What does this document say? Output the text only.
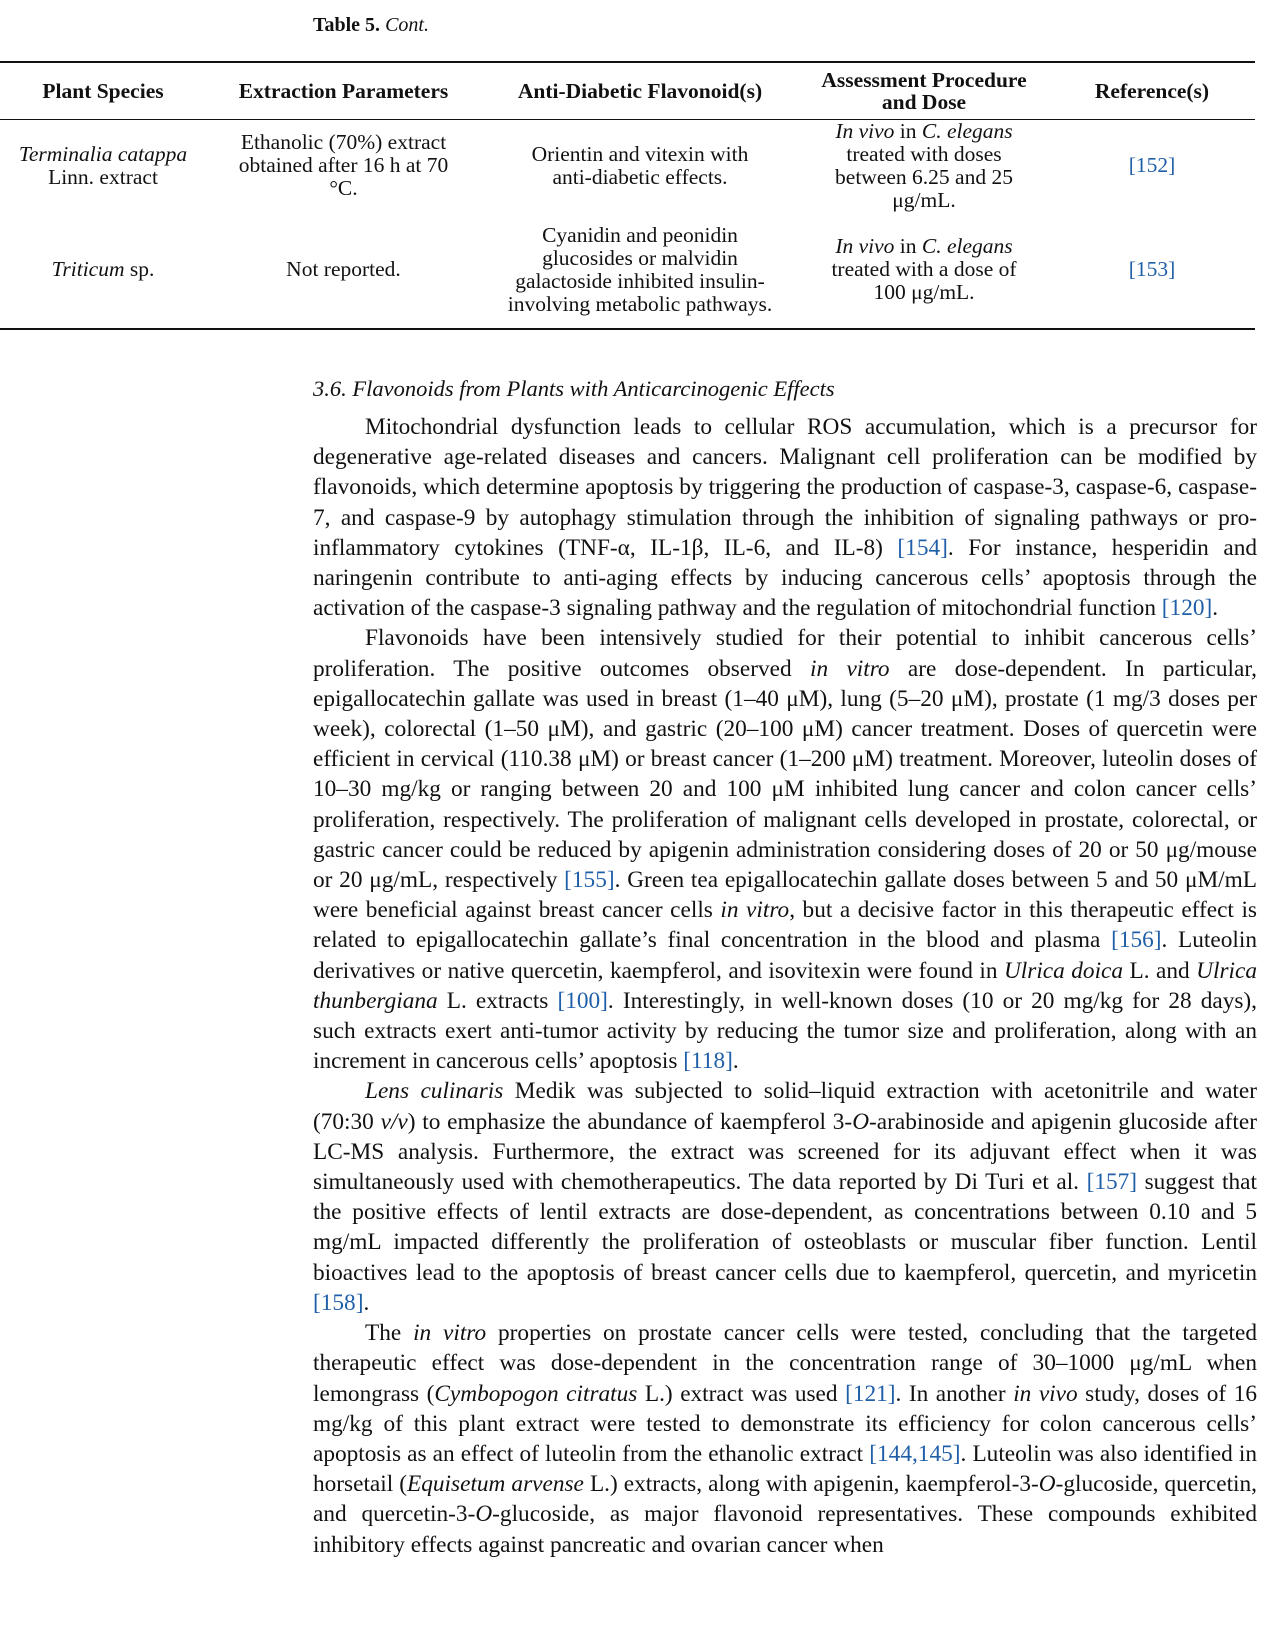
Table 5. Cont.
Plant Species	Extraction Parameters	Anti-Diabetic Flavonoid(s)	Assessment Procedure and Dose	Reference(s)
Terminalia catappa
Linn. extract	Ethanolic (70%) extract obtained after 16 h at 70 °C.	Orientin and vitexin with anti-diabetic effects.	In vivo in C. elegans treated with doses between 6.25 and 25 μg/mL.	[152]
Triticum sp.	Not reported.	Cyanidin and peonidin glucosides or malvidin galactoside inhibited insulin-involving metabolic pathways.	In vivo in C. elegans treated with a dose of 100 μg/mL.	[153]
3.6. Flavonoids from Plants with Anticarcinogenic Effects

Mitochondrial dysfunction leads to cellular ROS accumulation, which is a precursor for degenerative age-related diseases and cancers. Malignant cell proliferation can be modified by flavonoids, which determine apoptosis by triggering the production of caspase-3, caspase-6, caspase-7, and caspase-9 by autophagy stimulation through the inhibition of signaling pathways or pro-inflammatory cytokines (TNF-α, IL-1β, IL-6, and IL-8) [154]. For instance, hesperidin and naringenin contribute to anti-aging effects by inducing cancerous cells’ apoptosis through the activation of the caspase-3 signaling pathway and the regulation of mitochondrial function [120].

Flavonoids have been intensively studied for their potential to inhibit cancerous cells’ proliferation. The positive outcomes observed in vitro are dose-dependent. In particular, epigallocatechin gallate was used in breast (1–40 μM), lung (5–20 μM), prostate (1 mg/3 doses per week), colorectal (1–50 μM), and gastric (20–100 μM) cancer treatment. Doses of quercetin were efficient in cervical (110.38 μM) or breast cancer (1–200 μM) treatment. Moreover, luteolin doses of 10–30 mg/kg or ranging between 20 and 100 μM inhibited lung cancer and colon cancer cells’ proliferation, respectively. The proliferation of malignant cells developed in prostate, colorectal, or gastric cancer could be reduced by apigenin administration considering doses of 20 or 50 μg/mouse or 20 μg/mL, respectively [155]. Green tea epigallocatechin gallate doses between 5 and 50 μM/mL were beneficial against breast cancer cells in vitro, but a decisive factor in this therapeutic effect is related to epigallocatechin gallate’s final concentration in the blood and plasma [156]. Luteolin derivatives or native quercetin, kaempferol, and isovitexin were found in Ulrica doica L. and Ulrica thunbergiana L. extracts [100]. Interestingly, in well-known doses (10 or 20 mg/kg for 28 days), such extracts exert anti-tumor activity by reducing the tumor size and proliferation, along with an increment in cancerous cells’ apoptosis [118].

Lens culinaris Medik was subjected to solid–liquid extraction with acetonitrile and water (70:30 v/v) to emphasize the abundance of kaempferol 3-O-arabinoside and apigenin glucoside after LC-MS analysis. Furthermore, the extract was screened for its adjuvant effect when it was simultaneously used with chemotherapeutics. The data reported by Di Turi et al. [157] suggest that the positive effects of lentil extracts are dose-dependent, as concentrations between 0.10 and 5 mg/mL impacted differently the proliferation of osteoblasts or muscular fiber function. Lentil bioactives lead to the apoptosis of breast cancer cells due to kaempferol, quercetin, and myricetin [158].

The in vitro properties on prostate cancer cells were tested, concluding that the targeted therapeutic effect was dose-dependent in the concentration range of 30–1000 μg/mL when lemongrass (Cymbopogon citratus L.) extract was used [121]. In another in vivo study, doses of 16 mg/kg of this plant extract were tested to demonstrate its efficiency for colon cancerous cells’ apoptosis as an effect of luteolin from the ethanolic extract [144,145]. Luteolin was also identified in horsetail (Equisetum arvense L.) extracts, along with apigenin, kaempferol-3-O-glucoside, quercetin, and quercetin-3-O-glucoside, as major flavonoid representatives. These compounds exhibited inhibitory effects against pancreatic and ovarian cancer when
